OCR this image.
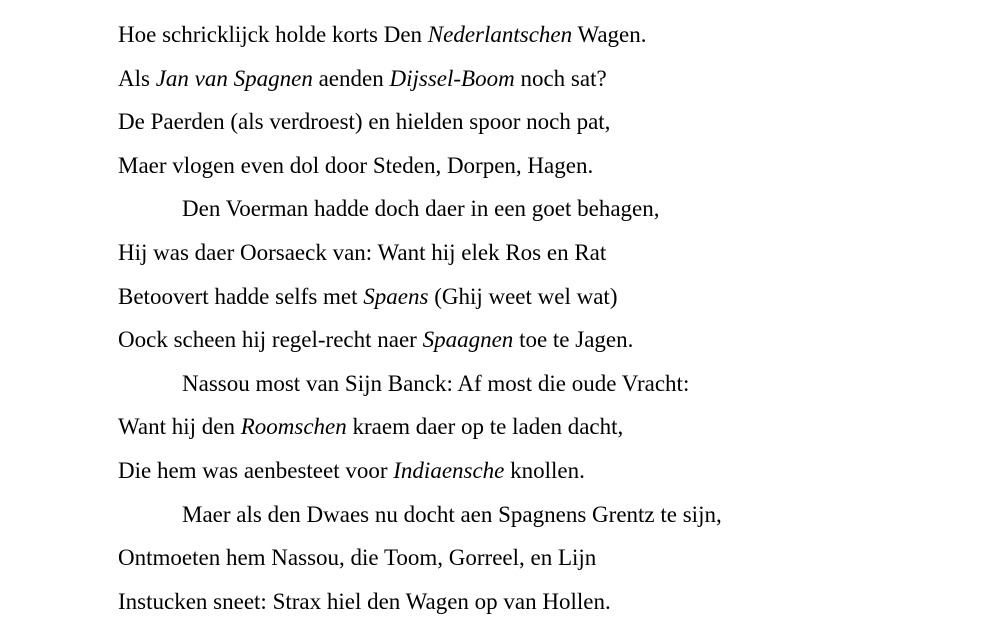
Hoe schricklijck holde korts Den Nederlantschen Wagen.
Als Jan van Spagnen aenden Dijssel-Boom noch sat?
De Paerden (als verdroest) en hielden spoor noch pat,
Maer vlogen even dol door Steden, Dorpen, Hagen.
Den Voerman hadde doch daer in een goet behagen,
Hij was daer Oorsaeck van: Want hij elek Ros en Rat
Betoovert hadde selfs met Spaens (Ghij weet wel wat)
Oock scheen hij regel-recht naer Spaagnen toe te Jagen.
Nassou most van Sijn Banck: Af most die oude Vracht:
Want hij den Roomschen kraem daer op te laden dacht,
Die hem was aenbesteet voor Indiaensche knollen.
Maer als den Dwaes nu docht aen Spagnens Grentz te sijn,
Ontmoeten hem Nassou, die Toom, Gorreel, en Lijn
Instucken sneet: Strax hiel den Wagen op van Hollen.
